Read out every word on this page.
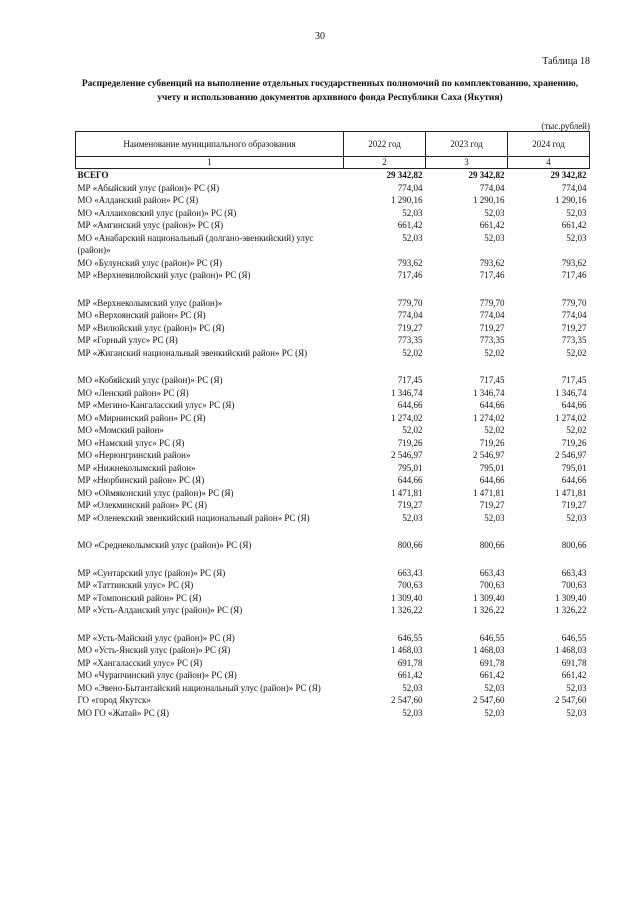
30
Таблица 18
Распределение субвенций на выполнение отдельных государственных полномочий по комплектованию, хранению, учету и использованию документов архивного фонда Республики Саха (Якутия)
(тыс.рублей)
Наименование муниципального образования	2022 год	2023 год	2024 год
1	2	3	4
ВСЕГО	29 342,82	29 342,82	29 342,82
МР «Абыйский улус (район)» РС (Я)	774,04	774,04	774,04
МО «Алданский район» РС (Я)	1 290,16	1 290,16	1 290,16
МО «Аллаиховский улус (район)» РС (Я)	52,03	52,03	52,03
МР «Амгинский улус (район)» РС (Я)	661,42	661,42	661,42
МО «Анабарский национальный (долгано-эвенкийский) улус (район)»	52,03	52,03	52,03
МО «Булунский улус (район)» РС (Я)	793,62	793,62	793,62
МР «Верхневилюйский улус (район)» РС (Я)	717,46	717,46	717,46

МР «Верхнеколымский улус (район)»	779,70	779,70	779,70
МО «Верхоянский район» РС (Я)	774,04	774,04	774,04
МР «Вилюйский улус (район)» РС (Я)	719,27	719,27	719,27
МР «Горный улус» РС (Я)	773,35	773,35	773,35
МР «Жиганский национальный эвенкийский район» РС (Я)	52,02	52,02	52,02

МО «Кобяйский улус (район)» РС (Я)	717,45	717,45	717,45
МО «Ленский район» РС (Я)	1 346,74	1 346,74	1 346,74
МР «Мегино-Кангаласский улус» РС (Я)	644,66	644,66	644,66
МО «Мирнинский район» РС (Я)	1 274,02	1 274,02	1 274,02
МО «Момский район»	52,02	52,02	52,02
МО «Намский улус» РС (Я)	719,26	719,26	719,26
МО «Нерюнгринский район»	2 546,97	2 546,97	2 546,97
МР «Нижнеколымский район»	795,01	795,01	795,01
МР «Нюрбинский район» РС (Я)	644,66	644,66	644,66
МО «Оймяконский улус (район)» РС (Я)	1 471,81	1 471,81	1 471,81
МР «Олекминский район» РС (Я)	719,27	719,27	719,27
МР «Оленекский эвенкийский национальный район» РС (Я)	52,03	52,03	52,03

МО «Среднеколымский улус (район)» РС (Я)	800,66	800,66	800,66

МР «Сунтарский улус (район)» РС (Я)	663,43	663,43	663,43
МР «Таттинский улус» РС (Я)	700,63	700,63	700,63
МР «Томпонский район» РС (Я)	1 309,40	1 309,40	1 309,40
МР «Усть-Алданский улус (район)» РС (Я)	1 326,22	1 326,22	1 326,22

МР «Усть-Майский улус (район)» РС (Я)	646,55	646,55	646,55
МО «Усть-Янский улус (район)» РС (Я)	1 468,03	1 468,03	1 468,03
МР «Хангаласский улус» РС (Я)	691,78	691,78	691,78
МО «Чурапчинский улус (район)» РС (Я)	661,42	661,42	661,42
МО «Эвено-Бытантайский национальный улус (район)» РС (Я)	52,03	52,03	52,03
ГО «город Якутск»	2 547,60	2 547,60	2 547,60
МО ГО «Жатай» РС (Я)	52,03	52,03	52,03
